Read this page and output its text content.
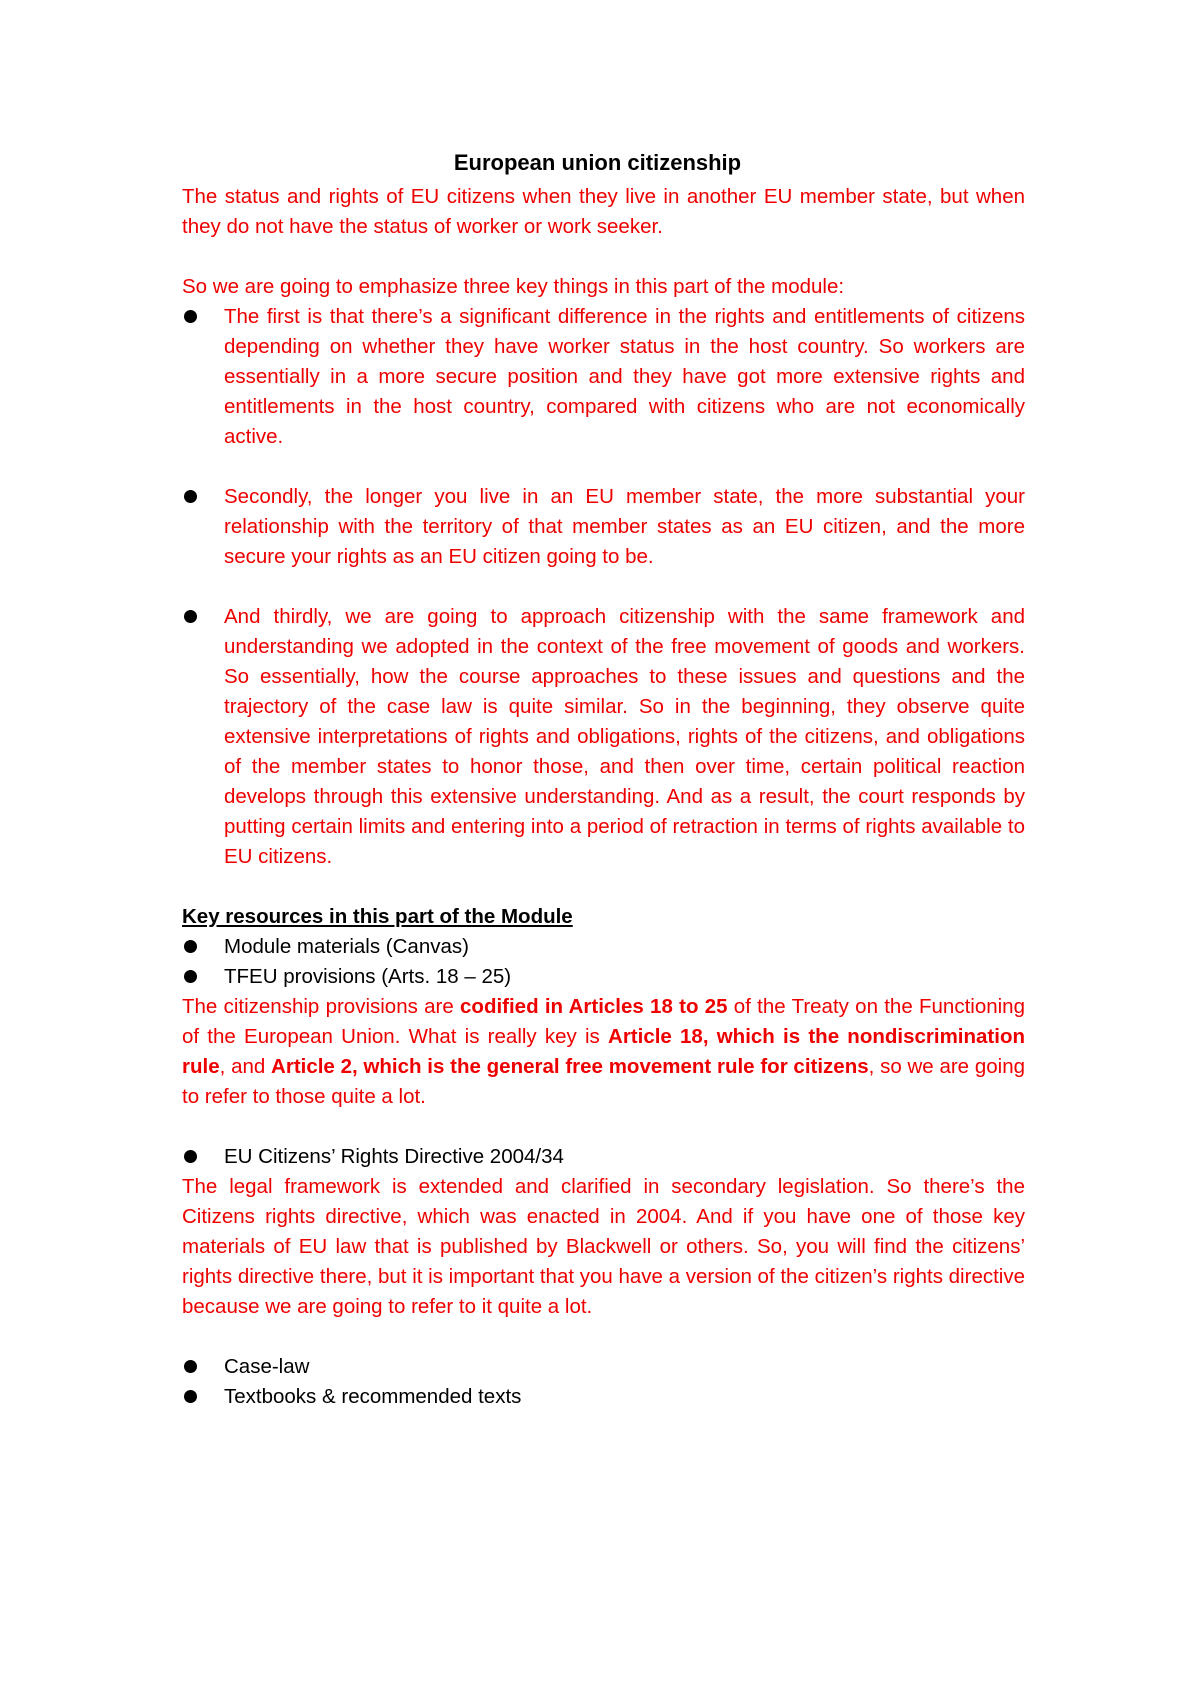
European union citizenship

The status and rights of EU citizens when they live in another EU member state, but when they do not have the status of worker or work seeker.

So we are going to emphasize three key things in this part of the module:

The first is that there’s a significant difference in the rights and entitlements of citizens depending on whether they have worker status in the host country. So workers are essentially in a more secure position and they have got more extensive rights and entitlements in the host country, compared with citizens who are not economically active.
Secondly, the longer you live in an EU member state, the more substantial your relationship with the territory of that member states as an EU citizen, and the more secure your rights as an EU citizen going to be.
And thirdly, we are going to approach citizenship with the same framework and understanding we adopted in the context of the free movement of goods and workers. So essentially, how the course approaches to these issues and questions and the trajectory of the case law is quite similar. So in the beginning, they observe quite extensive interpretations of rights and obligations, rights of the citizens, and obligations of the member states to honor those, and then over time, certain political reaction develops through this extensive understanding. And as a result, the court responds by putting certain limits and entering into a period of retraction in terms of rights available to EU citizens.

Key resources in this part of the Module

Module materials (Canvas)
TFEU provisions (Arts. 18 – 25)

The citizenship provisions are codified in Articles 18 to 25 of the Treaty on the Functioning of the European Union. What is really key is Article 18, which is the nondiscrimination rule, and Article 2, which is the general free movement rule for citizens, so we are going to refer to those quite a lot.

EU Citizens’ Rights Directive 2004/34

The legal framework is extended and clarified in secondary legislation. So there’s the Citizens rights directive, which was enacted in 2004. And if you have one of those key materials of EU law that is published by Blackwell or others. So, you will find the citizens’ rights directive there, but it is important that you have a version of the citizen’s rights directive because we are going to refer to it quite a lot.

Case-law
Textbooks & recommended texts
